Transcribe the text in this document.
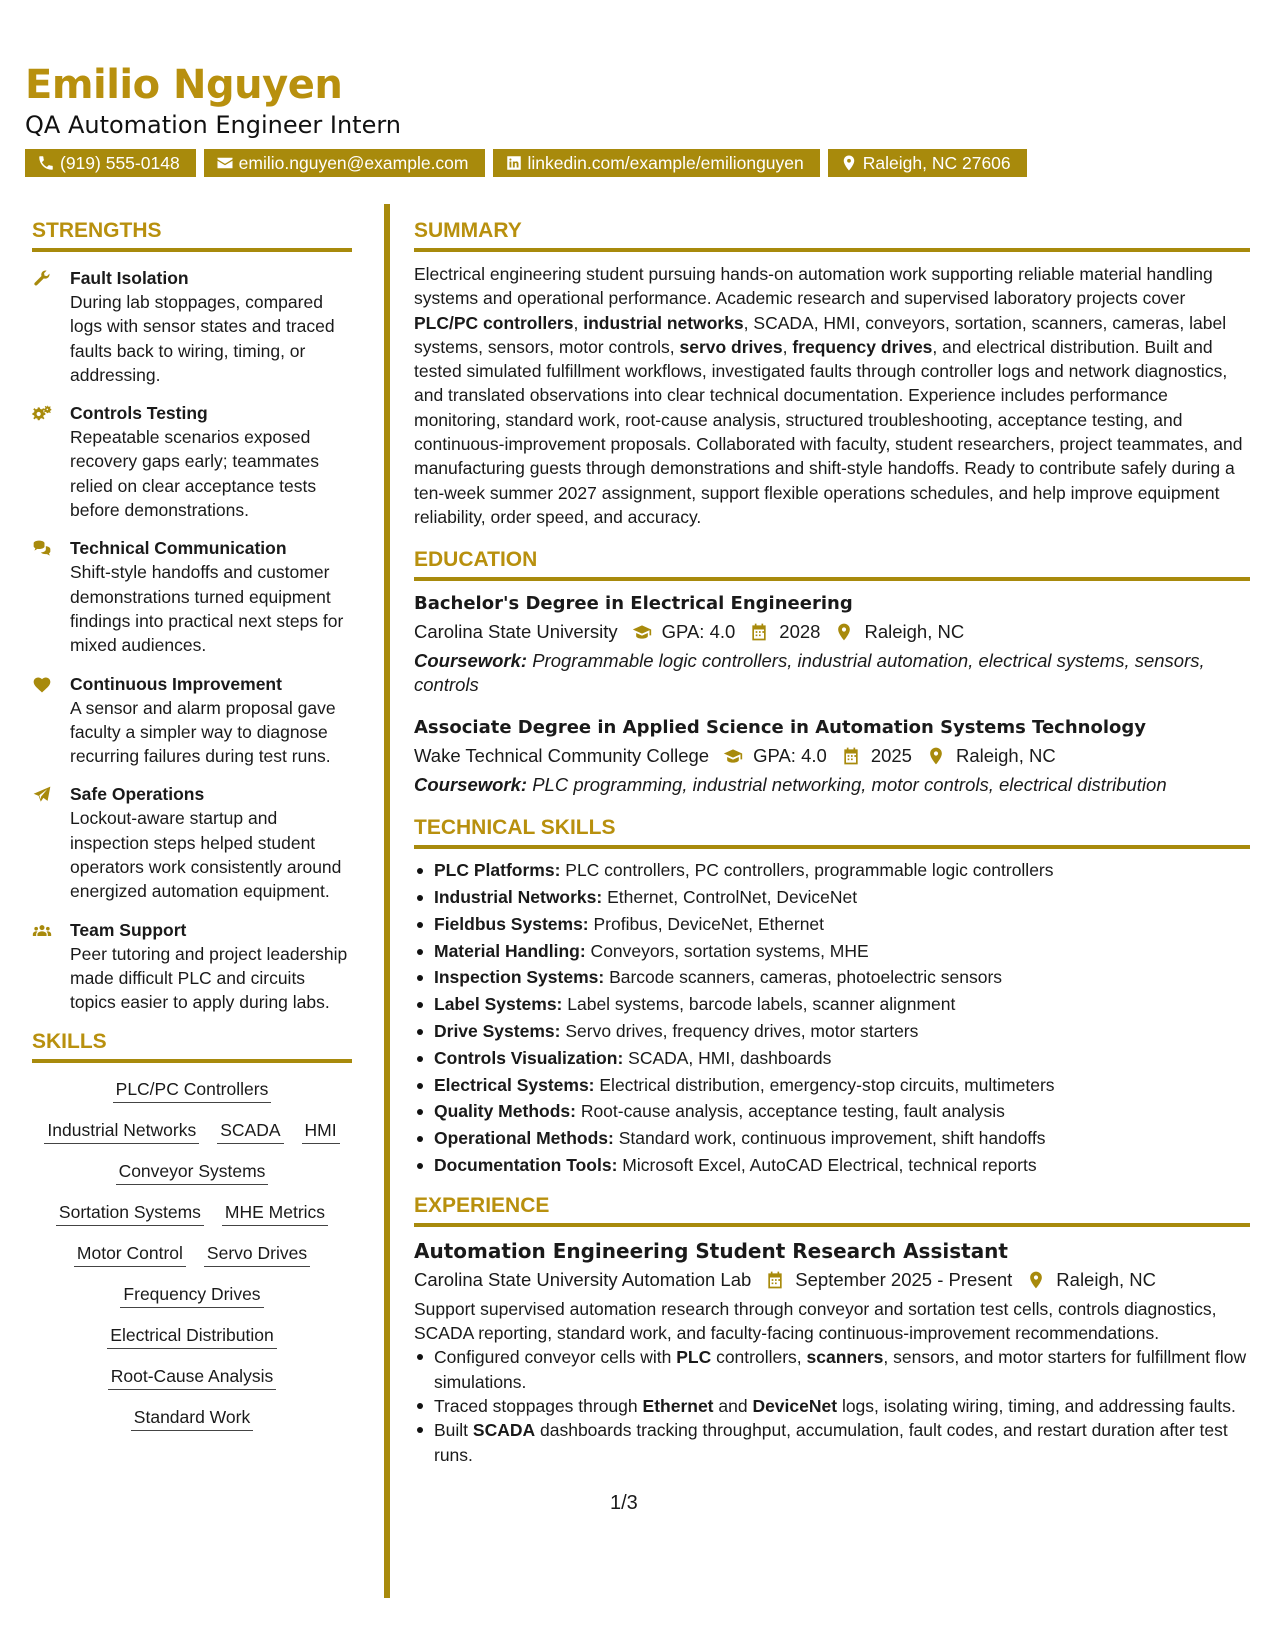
Emilio Nguyen
QA Automation Engineer Intern
(919) 555-0148	emilio.nguyen@example.com	linkedin.com/example/emilionguyen	Raleigh, NC 27606
STRENGTHS
Fault Isolation
During lab stoppages, compared logs with sensor states and traced faults back to wiring, timing, or addressing.
Controls Testing
Repeatable scenarios exposed recovery gaps early; teammates relied on clear acceptance tests before demonstrations.
Technical Communication
Shift-style handoffs and customer demonstrations turned equipment findings into practical next steps for mixed audiences.
Continuous Improvement
A sensor and alarm proposal gave faculty a simpler way to diagnose recurring failures during test runs.
Safe Operations
Lockout-aware startup and inspection steps helped student operators work consistently around energized automation equipment.
Team Support
Peer tutoring and project leadership made difficult PLC and circuits topics easier to apply during labs.
SKILLS
PLC/PC Controllers
Industrial Networks SCADA HMI
Conveyor Systems
Sortation Systems MHE Metrics
Motor Control Servo Drives
Frequency Drives
Electrical Distribution
Root-Cause Analysis
Standard Work
SUMMARY

Electrical engineering student pursuing hands-on automation work supporting reliable material handling systems and operational performance. Academic research and supervised laboratory projects cover PLC/PC controllers, industrial networks, SCADA, HMI, conveyors, sortation, scanners, cameras, label systems, sensors, motor controls, servo drives, frequency drives, and electrical distribution. Built and tested simulated fulfillment workflows, investigated faults through controller logs and network diagnostics, and translated observations into clear technical documentation. Experience includes performance monitoring, standard work, root-cause analysis, structured troubleshooting, acceptance testing, and continuous-improvement proposals. Collaborated with faculty, student researchers, project teammates, and manufacturing guests through demonstrations and shift-style handoffs. Ready to contribute safely during a ten-week summer 2027 assignment, support flexible operations schedules, and help improve equipment reliability, order speed, and accuracy.

EDUCATION
Bachelor's Degree in Electrical Engineering
Carolina State University GPA: 4.0 2028 Raleigh, NC
Coursework: Programmable logic controllers, industrial automation, electrical systems, sensors, controls
Associate Degree in Applied Science in Automation Systems Technology
Wake Technical Community College GPA: 4.0 2025 Raleigh, NC
Coursework: PLC programming, industrial networking, motor controls, electrical distribution
TECHNICAL SKILLS
PLC Platforms: PLC controllers, PC controllers, programmable logic controllers
Industrial Networks: Ethernet, ControlNet, DeviceNet
Fieldbus Systems: Profibus, DeviceNet, Ethernet
Material Handling: Conveyors, sortation systems, MHE
Inspection Systems: Barcode scanners, cameras, photoelectric sensors
Label Systems: Label systems, barcode labels, scanner alignment
Drive Systems: Servo drives, frequency drives, motor starters
Controls Visualization: SCADA, HMI, dashboards
Electrical Systems: Electrical distribution, emergency-stop circuits, multimeters
Quality Methods: Root-cause analysis, acceptance testing, fault analysis
Operational Methods: Standard work, continuous improvement, shift handoffs
Documentation Tools: Microsoft Excel, AutoCAD Electrical, technical reports
EXPERIENCE
Automation Engineering Student Research Assistant
Carolina State University Automation Lab September 2025 - Present Raleigh, NC

Support supervised automation research through conveyor and sortation test cells, controls diagnostics, SCADA reporting, standard work, and faculty-facing continuous-improvement recommendations.

Configured conveyor cells with PLC controllers, scanners, sensors, and motor starters for fulfillment flow simulations.
Traced stoppages through Ethernet and DeviceNet logs, isolating wiring, timing, and addressing faults.
Built SCADA dashboards tracking throughput, accumulation, fault codes, and restart duration after test runs.
1/3
